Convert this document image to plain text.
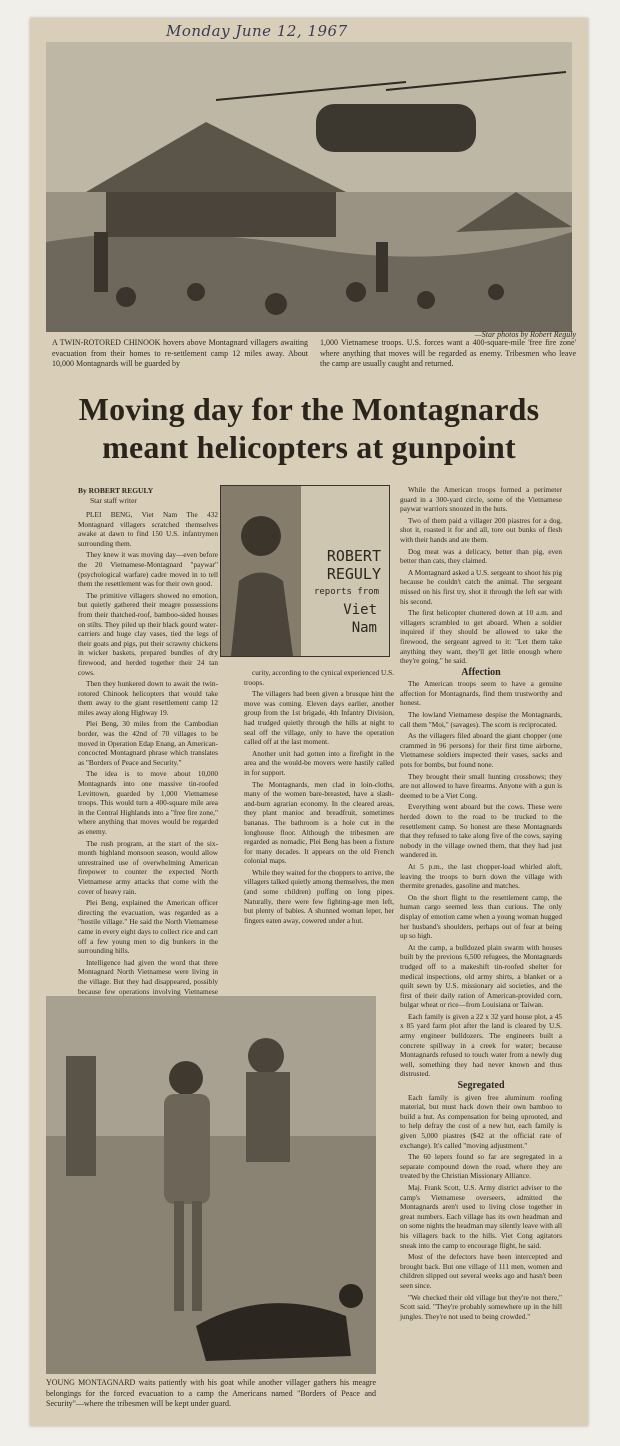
Monday June 12, 1967
A TWIN-ROTORED CHINOOK hovers above Montagnard villagers awaiting evacuation from their homes to re-settlement camp 12 miles away. About 10,000 Montagnards will be guarded by
1,000 Vietnamese troops. U.S. forces want a 400-square-mile 'free fire zone' where anything that moves will be regarded as enemy. Tribesmen who leave the camp are usually caught and returned.
—Star photos by Robert Reguly
Moving day for the Montagnards
meant helicopters at gunpoint
By ROBERT REGULY
Star staff writer
ROBERT
REGULY
reports from
Viet
Nam

PLEI BENG, Viet Nam The 432 Montagnard villagers scratched themselves awake at dawn to find 150 U.S. infantrymen surrounding them.

They knew it was moving day—even before the 20 Vietnamese-Montagnard "paywar" (psychological warfare) cadre moved in to tell them the resettlement was for their own good.

The primitive villagers showed no emotion, but quietly gathered their meagre possessions from their thatched-roof, bamboo-sided houses on stilts. They piled up their black gourd water-carriers and huge clay vases, tied the legs of their goats and pigs, put their scrawny chickens in wicker baskets, prepared bundles of dry firewood, and herded together their 24 tan cows.

Then they hunkered down to await the twin-rotored Chinook helicopters that would take them away to the giant resettlement camp 12 miles away along Highway 19.

Plei Beng, 30 miles from the Cambodian border, was the 42nd of 70 villages to be moved in Operation Edap Enang, an American-concocted Montagnard phrase which translates as "Borders of Peace and Security."

The idea is to move about 10,000 Montagnards into one massive tin-roofed Levittown, guarded by 1,000 Vietnamese troops. This would turn a 400-square mile area in the Central Highlands into a "free fire zone," where anything that moves would be regarded as enemy.

The rush program, at the start of the six-month highland monsoon season, would allow unrestrained use of overwhelming American firepower to counter the expected North Vietnamese army attacks that come with the cover of heavy rain.

Plei Beng, explained the American officer directing the evacuation, was regarded as a "hostile village." He said the North Vietnamese came in every eight days to collect rice and cart off a few young men to dig bunkers in the surrounding hills.

Intelligence had given the word that three Montagnard North Vietnamese were living in the village. But they had disappeared, possibly because few operations involving Vietnamese

curity, according to the cynical experienced U.S. troops.

The villagers had been given a brusque hint the move was coming. Eleven days earlier, another group from the 1st brigade, 4th Infantry Division, had trudged quietly through the hills at night to seal off the village, only to have the operation called off at the last moment.

Another unit had gotten into a firefight in the area and the would-be movers were hastily called in for support.

The Montagnards, men clad in loin-cloths, many of the women bare-breasted, have a slash-and-burn agrarian economy. In the cleared areas, they plant manioc and breadfruit, sometimes bananas. The bathroom is a hole cut in the longhouse floor. Although the tribesmen are regarded as nomadic, Plei Beng has been a fixture for many decades. It appears on the old French colonial maps.

While they waited for the choppers to arrive, the villagers talked quietly among themselves, the men (and some children) puffing on long pipes. Naturally, there were few fighting-age men left, but plenty of babies. A shunned woman leper, her fingers eaten away, cowered under a hut.

While the American troops formed a perimeter guard in a 300-yard circle, some of the Vietnamese paywar warriors snoozed in the huts.

Two of them paid a villager 200 piastres for a dog, shot it, roasted it for and all, tore out bunks of flesh with their hands and ate them.

Dog meat was a delicacy, better than pig, even better than cats, they claimed.

A Montagnard asked a U.S. sergeant to shoot his pig because he couldn't catch the animal. The sergeant missed on his first try, shot it through the left ear with his second.

The first helicopter chuttered down at 10 a.m. and villagers scrambled to get aboard. When a soldier inquired if they should be allowed to take the firewood, the sergeant agreed to it: "Let them take anything they want, they'll get little enough where they're going," he said.

Affection

The American troops seem to have a genuine affection for Montagnards, find them trustworthy and honest.

The lowland Vietnamese despise the Montagnards, call them "Moi," (savages). The scorn is reciprocated.

As the villagers filed aboard the giant chopper (one crammed in 96 persons) for their first time airborne, Vietnamese soldiers inspected their vases, sacks and pots for bombs, but found none.

They brought their small hunting crossbows; they are not allowed to have firearms. Anyone with a gun is deemed to be a Viet Cong.

Everything went aboard but the cows. These were herded down to the road to be trucked to the resettlement camp. So honest are these Montagnards that they refused to take along five of the cows, saying nobody in the village owned them, that they had just wandered in.

At 5 p.m., the last chopper-load whirled aloft, leaving the troops to burn down the village with thermite grenades, gasoline and matches.

On the short flight to the resettlement camp, the human cargo seemed less than curious. The only display of emotion came when a young woman hugged her husband's shoulders, perhaps out of fear at being up so high.

At the camp, a bulldozed plain swarm with houses built by the previous 6,500 refugees, the Montagnards trudged off to a makeshift tin-roofed shelter for medical inspections, old army shirts, a blanket or a quilt sewn by U.S. missionary aid societies, and the first of their daily ration of American-provided corn, bulgar wheat or rice—from Louisiana or Taiwan.

Each family is given a 22 x 32 yard house plot, a 45 x 85 yard farm plot after the land is cleared by U.S. army engineer bulldozers. The engineers built a concrete spillway in a creek for water; because Montagnards refused to touch water from a newly dug well, something they had never known and thus distrusted.

Segregated

Each family is given free aluminum roofing material, but must hack down their own bamboo to build a hut. As compensation for being uprooted, and to help defray the cost of a new hut, each family is given 5,000 piastres ($42 at the official rate of exchange). It's called "moving adjustment."

The 60 lepers found so far are segregated in a separate compound down the road, where they are treated by the Christian Missionary Alliance.

Maj. Frank Scott, U.S. Army district adviser to the camp's Vietnamese overseers, admitted the Montagnards aren't used to living close together in great numbers. Each village has its own headman and on some nights the headman may silently leave with all his villagers back to the hills. Viet Cong agitators sneak into the camp to encourage flight, he said.

Most of the defectors have been intercepted and brought back. But one village of 111 men, women and children slipped out several weeks ago and hasn't been seen since.

"We checked their old village but they're not there," Scott said. "They're probably somewhere up in the hill jungles. They're not used to being crowded."

YOUNG MONTAGNARD waits patiently with his goat while another villager gathers his meagre belongings for the forced evacuation to a camp the Americans named "Borders of Peace and Security"—where the tribesmen will be kept under guard.
